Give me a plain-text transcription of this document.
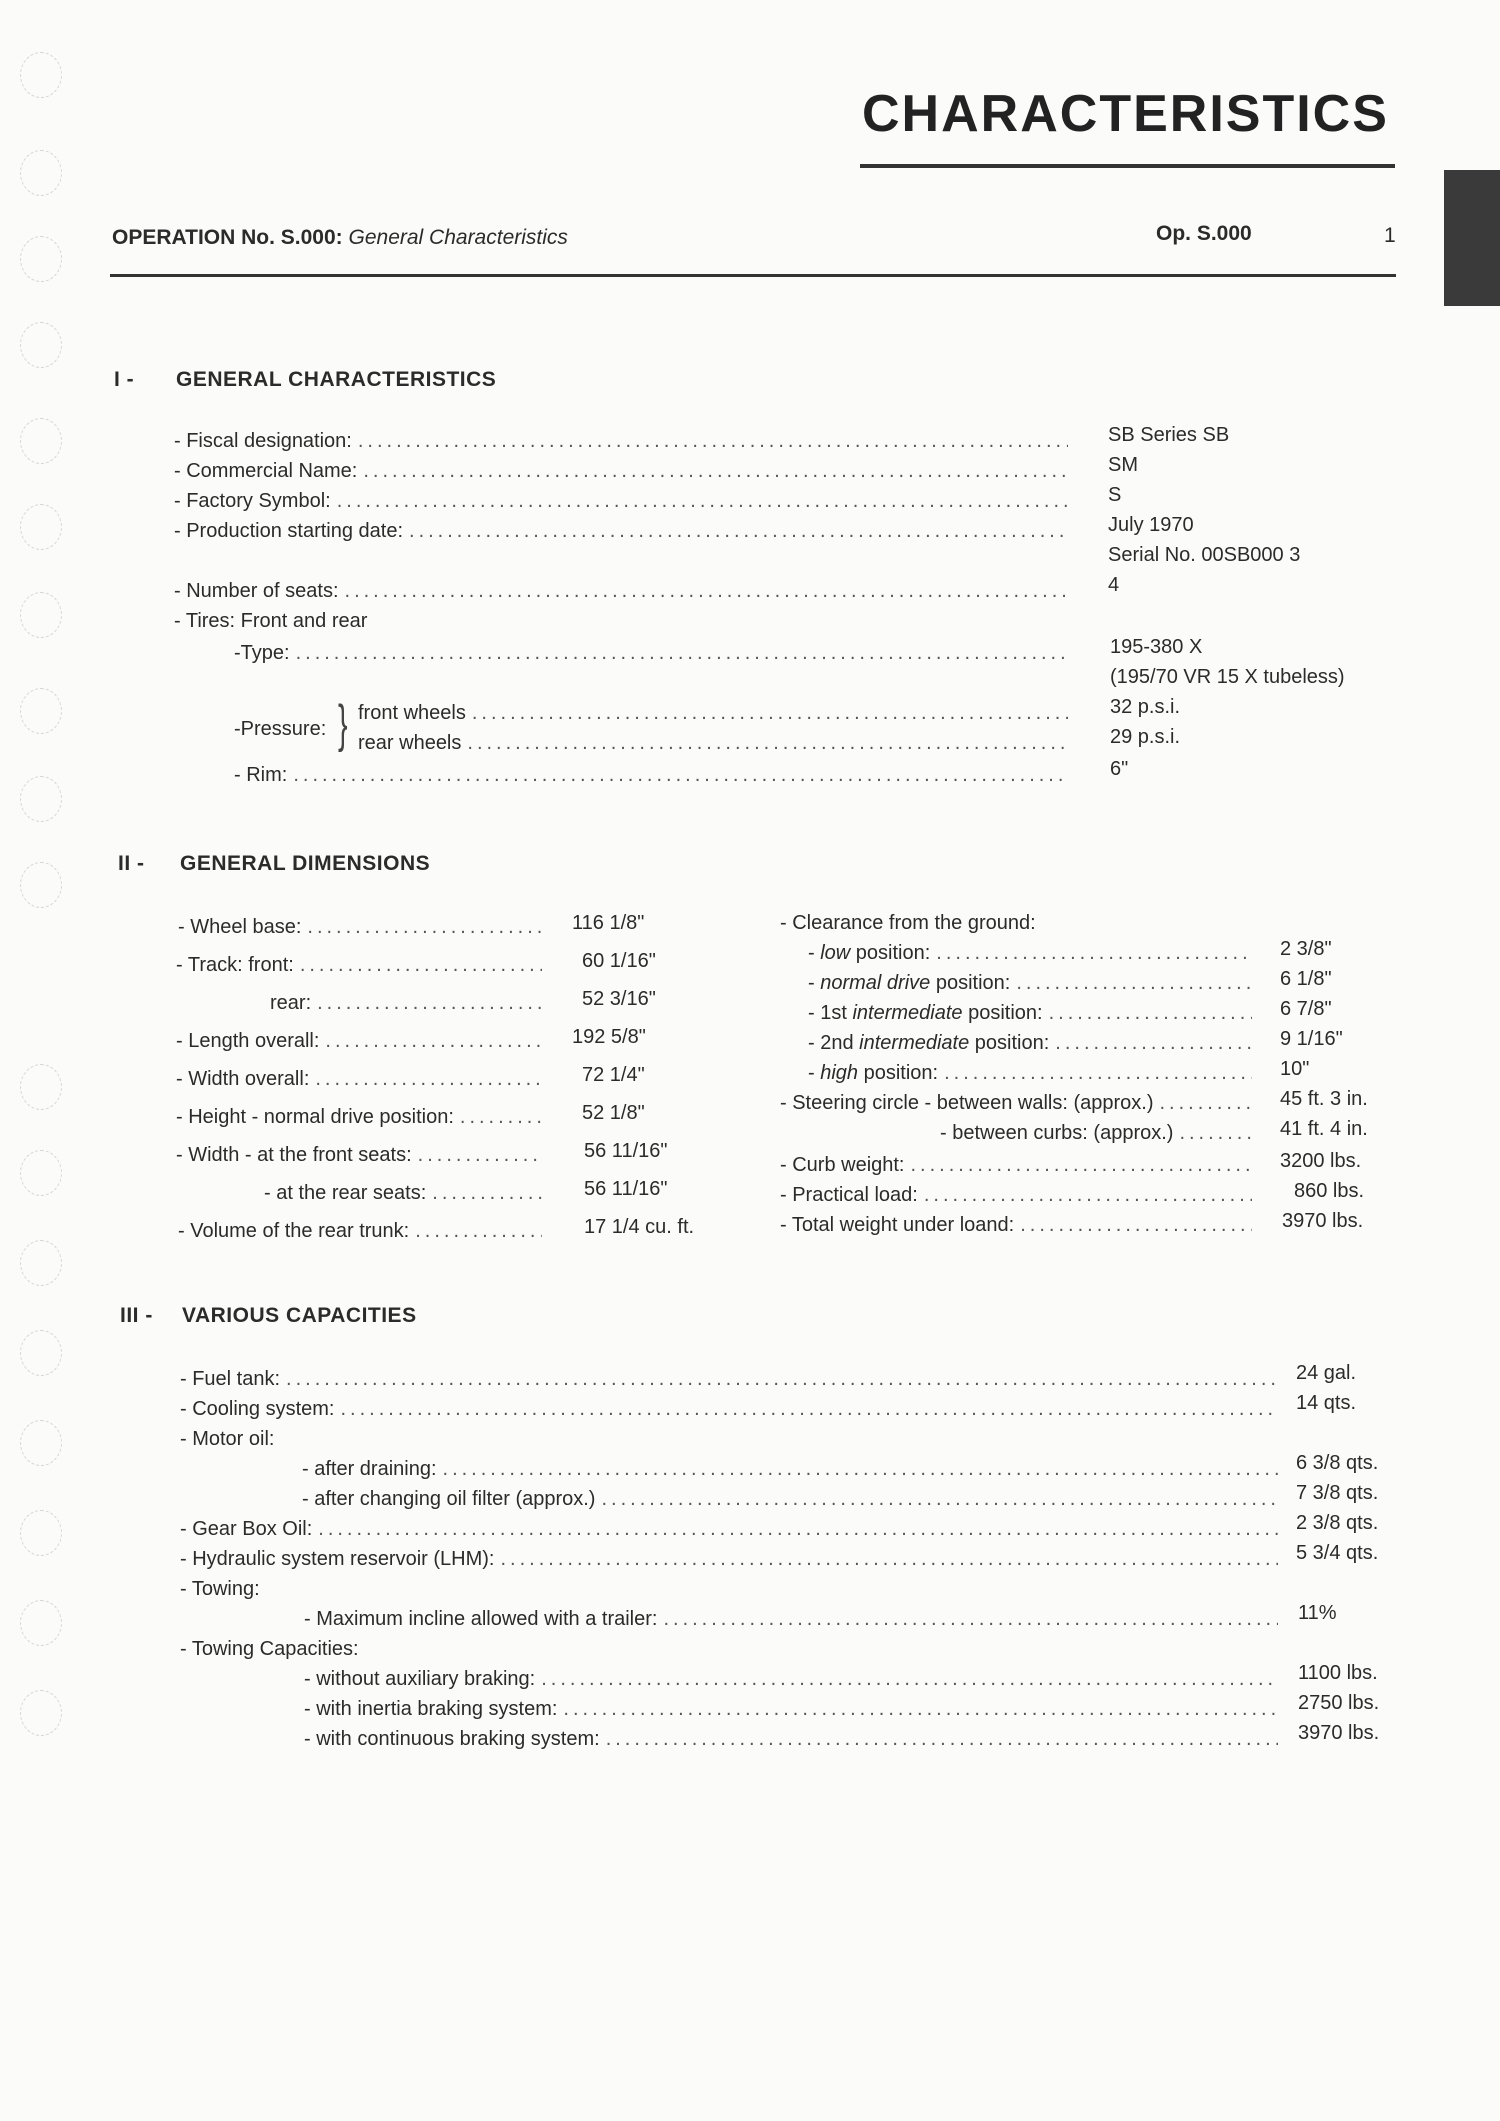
CHARACTERISTICS
OPERATION No. S.000: General Characteristics	Op. S.000	1
I - GENERAL CHARACTERISTICS
- Fiscal designation: .....	SB Series SB
- Commercial Name: .....	SM
- Factory Symbol: .....	S
- Production starting date: .....	July 1970
Serial No. 00SB000 3
- Number of seats: .....	4
- Tires: Front and rear
-Type: .....	195-380 X
(195/70 VR 15 X tubeless)
-Pressure: } front wheels .....	32 p.s.i.
rear wheels .....	29 p.s.i.
- Rim: .....	6"
II - GENERAL DIMENSIONS
- Wheel base: .....	116 1/8"
- Track: front: .....	60 1/16"
rear: .....	52 3/16"
- Length overall: .....	192 5/8"
- Width overall: .....	72 1/4"
- Height - normal drive position: .....	52 1/8"
- Width - at the front seats: .....	56 11/16"
- at the rear seats: .....	56 11/16"
- Volume of the rear trunk: .....	17 1/4 cu. ft.
- Clearance from the ground:
- low position: .....	2 3/8"
- normal drive position: .....	6 1/8"
- 1st intermediate position: .....	6 7/8"
- 2nd intermediate position: .....	9 1/16"
- high position: .....	10"
- Steering circle - between walls: (approx.) .....	45 ft. 3 in.
- between curbs: (approx.) .....	41 ft. 4 in.
- Curb weight: .....	3200 lbs.
- Practical load: .....	860 lbs.
- Total weight under loand: .....	3970 lbs.
III - VARIOUS CAPACITIES
- Fuel tank: .....	24 gal.
- Cooling system: .....	14 qts.
- Motor oil:
- after draining: .....	6 3/8 qts.
- after changing oil filter (approx.) .....	7 3/8 qts.
- Gear Box Oil: .....	2 3/8 qts.
- Hydraulic system reservoir (LHM): .....	5 3/4 qts.
- Towing:
- Maximum incline allowed with a trailer: .....	11%
- Towing Capacities:
- without auxiliary braking: .....	1100 lbs.
- with inertia braking system: .....	2750 lbs.
- with continuous braking system: .....	3970 lbs.
